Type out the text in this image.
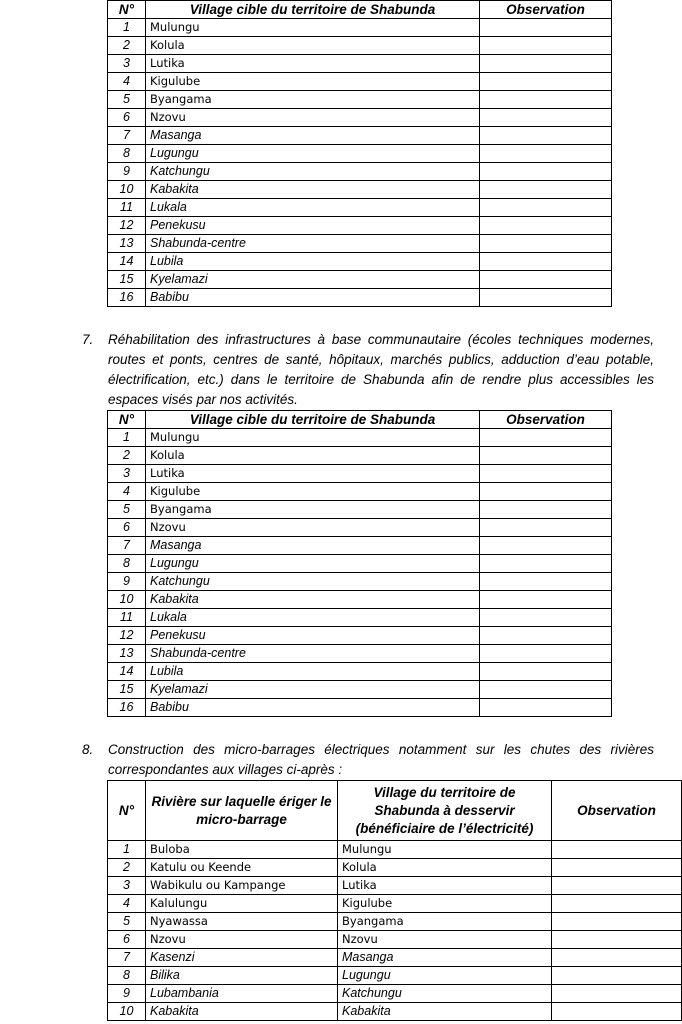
N°	Village cible du territoire de Shabunda	Observation
1	Mulungu	
2	Kolula	
3	Lutika	
4	Kigulube	
5	Byangama	
6	Nzovu	
7	Masanga	
8	Lugungu	
9	Katchungu	
10	Kabakita	
11	Lukala	
12	Penekusu	
13	Shabunda-centre	
14	Lubila	
15	Kyelamazi	
16	Babibu	
7. Réhabilitation des infrastructures à base communautaire (écoles techniques modernes, routes et ponts, centres de santé, hôpitaux, marchés publics, adduction d’eau potable, électrification, etc.) dans le territoire de Shabunda afin de rendre plus accessibles les espaces visés par nos activités.
N°	Village cible du territoire de Shabunda	Observation
1	Mulungu	
2	Kolula	
3	Lutika	
4	Kigulube	
5	Byangama	
6	Nzovu	
7	Masanga	
8	Lugungu	
9	Katchungu	
10	Kabakita	
11	Lukala	
12	Penekusu	
13	Shabunda-centre	
14	Lubila	
15	Kyelamazi	
16	Babibu	
8. Construction des micro-barrages électriques notamment sur les chutes des rivières correspondantes aux villages ci-après :
N°	Rivière sur laquelle ériger le micro-barrage	Village du territoire de Shabunda à desservir (bénéficiaire de l’électricité)	Observation
1	Buloba	Mulungu	
2	Katulu ou Keende	Kolula	
3	Wabikulu ou Kampange	Lutika	
4	Kalulungu	Kigulube	
5	Nyawassa	Byangama	
6	Nzovu	Nzovu	
7	Kasenzi	Masanga	
8	Bilika	Lugungu	
9	Lubambania	Katchungu	
10	Kabakita	Kabakita	
